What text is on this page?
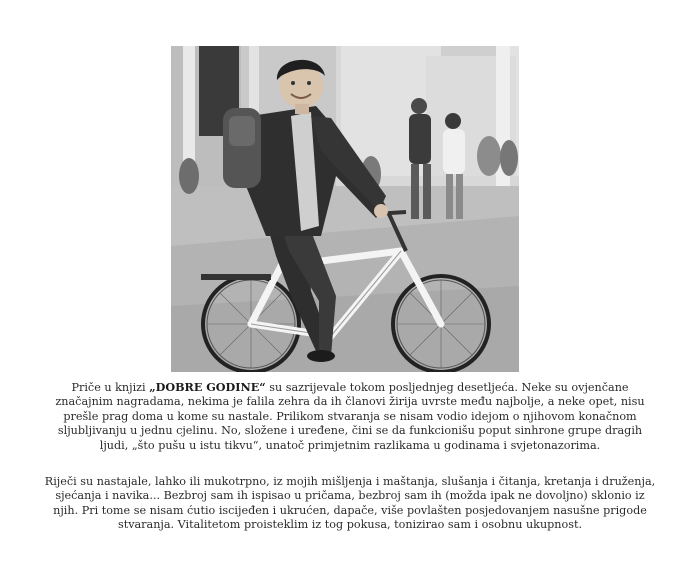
Priče u knjizi „DOBRE GODINE“ su sazrijevale tokom posljednjeg desetljeća. Neke su ovjenčane značajnim nagradama, nekima je falila zehra da ih članovi žirija uvrste među najbolje, a neke opet, nisu prešle prag doma u kome su nastale. Prilikom stvaranja se nisam vodio idejom o njihovom konačnom sljubljivanju u jednu cjelinu. No, složene i uređene, čini se da funkcionišu poput sinhrone grupe dragih ljudi, „što pušu u istu tikvu“, unatoč primjetnim razlikama u godinama i svjetonazorima.

Riječi su nastajale, lahko ili mukotrpno, iz mojih mišljenja i maštanja, slušanja i čitanja, kretanja i druženja, sjećanja i navika... Bezbroj sam ih ispisao u pričama, bezbroj sam ih (možda ipak ne dovoljno) sklonio iz njih. Pri tome se nisam ćutio iscijeđen i ukrućen, dapače, više povlašten posjedovanjem nasušne prigode stvaranja. Vitalitetom proisteklim iz tog pokusa, tonizirao sam i osobnu ukupnost.
